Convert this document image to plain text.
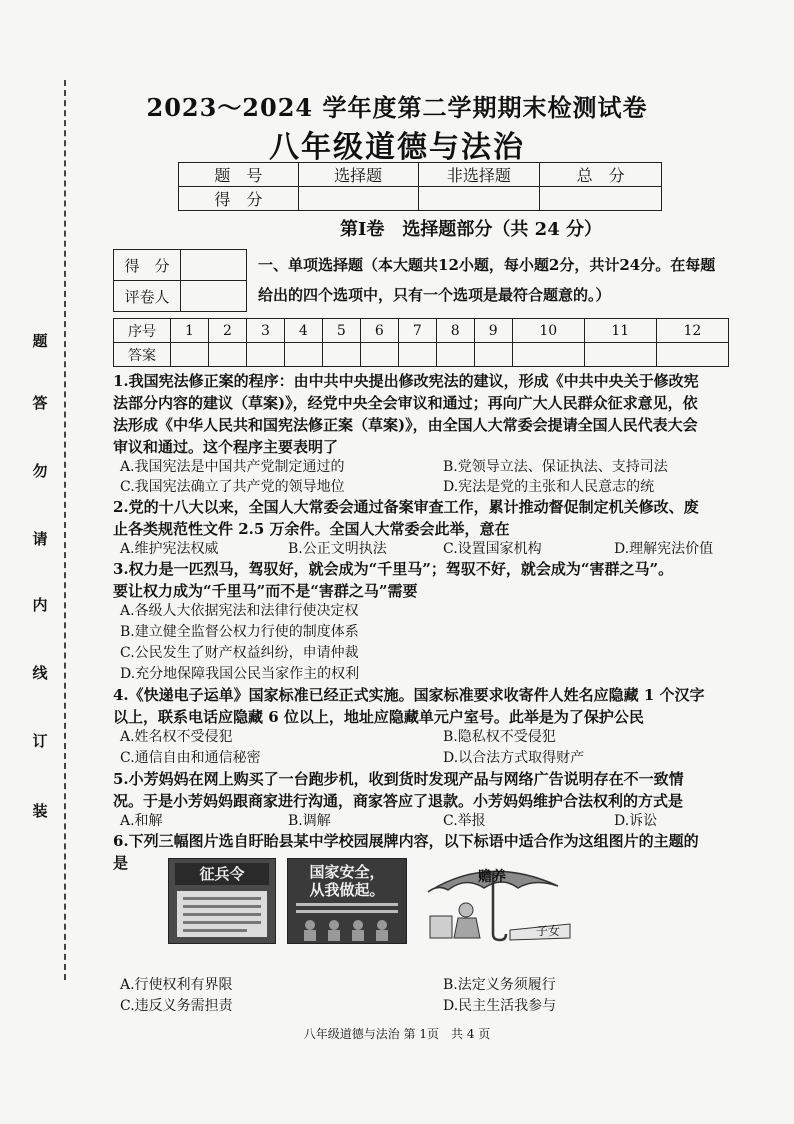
装
订
线
内
请
勿
答
题
2023～2024 学年度第二学期期末检测试卷
八年级道德与法治
题　号	选择题	非选择题	总　分
得　分			
第Ⅰ卷　选择题部分（共 24 分）
得　分	
评卷人	
一、单项选择题（本大题共12小题，每小题2分，共计24分。在每题
给出的四个选项中，只有一个选项是最符合题意的。）
序号	1	2	3	4	5	6	7	8	9	10	11	12
答案												
1.我国宪法修正案的程序：由中共中央提出修改宪法的建议，形成《中共中央关于修改宪
法部分内容的建议（草案)》，经党中央全会审议和通过；再向广大人民群众征求意见，依
法形成《中华人民共和国宪法修正案（草案)》，由全国人大常委会提请全国人民代表大会
审议和通过。这个程序主要表明了
A.我国宪法是中国共产党制定通过的	B.党领导立法、保证执法、支持司法
C.我国宪法确立了共产党的领导地位	D.宪法是党的主张和人民意志的统
2.党的十八大以来，全国人大常委会通过备案审查工作，累计推动督促制定机关修改、废
止各类规范性文件 2.5 万余件。全国人大常委会此举，意在
A.维护宪法权威	B.公正文明执法	C.设置国家机构	D.理解宪法价值
3.权力是一匹烈马，驾驭好，就会成为“千里马”；驾驭不好，就会成为“害群之马”。
要让权力成为“千里马”而不是“害群之马”需要
A.各级人大依据宪法和法律行使决定权
B.建立健全监督公权力行使的制度体系
C.公民发生了财产权益纠纷，申请仲裁
D.充分地保障我国公民当家作主的权利
4.《快递电子运单》国家标准已经正式实施。国家标准要求收寄件人姓名应隐藏 1 个汉字
以上，联系电话应隐藏 6 位以上，地址应隐藏单元户室号。此举是为了保护公民
A.姓名权不受侵犯	B.隐私权不受侵犯
C.通信自由和通信秘密	D.以合法方式取得财产
5.小芳妈妈在网上购买了一台跑步机，收到货时发现产品与网络广告说明存在不一致情
况。于是小芳妈妈跟商家进行沟通，商家答应了退款。小芳妈妈维护合法权利的方式是
A.和解	B.调解	C.举报	D.诉讼
6.下列三幅图片选自盱眙县某中学校园展牌内容，以下标语中适合作为这组图片的主题的
是
征兵令	国家安全，
从我做起。
赡养
子女
A.行使权利有界限	B.法定义务须履行
C.违反义务需担责	D.民主生活我参与
八年级道德与法治 第 1页　共 4 页
